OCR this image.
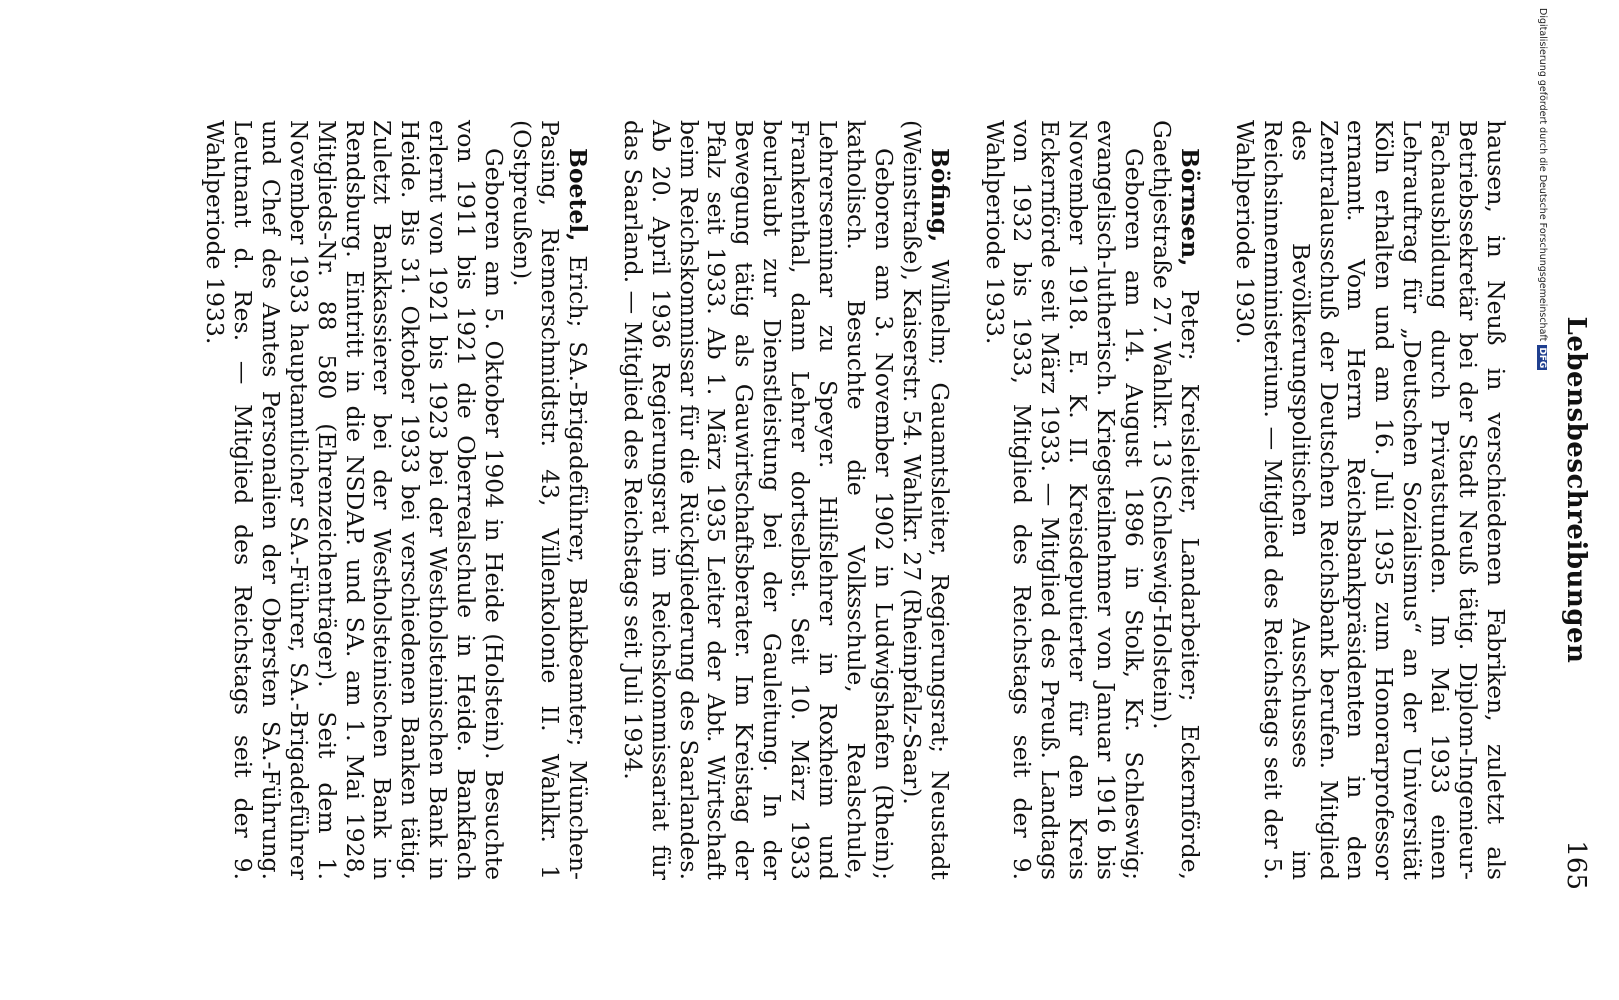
Lebensbeschreibungen
165

hausen, in Neuß in verschiedenen Fabriken, zuletzt als Betriebssekretär bei der Stadt Neuß tätig. Diplom-Ingenieur-Fachausbildung durch Privatstunden. Im Mai 1933 einen Lehrauftrag für „Deutschen Sozialismus“ an der Universität Köln erhalten und am 16. Juli 1935 zum Honorarprofessor ernannt. Vom Herrn Reichsbankpräsidenten in den Zentralausschuß der Deutschen Reichsbank berufen. Mitglied des Bevölkerungspolitischen Ausschusses im Reichsinnenministerium. — Mitglied des Reichstags seit der 5. Wahlperiode 1930.

Börnsen, Peter; Kreisleiter, Landarbeiter; Eckernförde, Gaethjestraße 27. Wahlkr. 13 (Schleswig-Holstein).

Geboren am 14. August 1896 in Stolk, Kr. Schleswig; evangelisch-lutherisch. Kriegsteilnehmer von Januar 1916 bis November 1918. E. K. II. Kreisdeputierter für den Kreis Eckernförde seit März 1933. — Mitglied des Preuß. Landtags von 1932 bis 1933, Mitglied des Reichstags seit der 9. Wahlperiode 1933.

Böfing, Wilhelm; Gauamtsleiter, Regierungsrat; Neustadt (Weinstraße), Kaiserstr. 54. Wahlkr. 27 (Rheinpfalz-Saar).

Geboren am 3. November 1902 in Ludwigshafen (Rhein); katholisch. Besuchte die Volksschule, Realschule, Lehrerseminar zu Speyer. Hilfslehrer in Roxheim und Frankenthal, dann Lehrer dortselbst. Seit 10. März 1933 beurlaubt zur Dienstleistung bei der Gauleitung. In der Bewegung tätig als Gauwirtschaftsberater. Im Kreistag der Pfalz seit 1933. Ab 1. März 1935 Leiter der Abt. Wirtschaft beim Reichskommissar für die Rückgliederung des Saarlandes. Ab 20. April 1936 Regierungsrat im Reichskommissariat für das Saarland. — Mitglied des Reichstags seit Juli 1934.

Boetel, Erich; SA.-Brigadeführer, Bankbeamter; München-Pasing, Riemerschmidtstr. 43, Villenkolonie II. Wahlkr. 1 (Ostpreußen).

Geboren am 5. Oktober 1904 in Heide (Holstein). Besuchte von 1911 bis 1921 die Oberrealschule in Heide. Bankfach erlernt von 1921 bis 1923 bei der Westholsteinischen Bank in Heide. Bis 31. Oktober 1933 bei verschiedenen Banken tätig. Zuletzt Bankkassierer bei der Westholsteinischen Bank in Rendsburg. Eintritt in die NSDAP. und SA. am 1. Mai 1928, Mitglieds-Nr. 88 580 (Ehrenzeichenträger). Seit dem 1. November 1933 hauptamtlicher SA.-Führer, SA.-Brigadeführer und Chef des Amtes Personalien der Obersten SA.-Führung. Leutnant d. Res. — Mitglied des Reichstags seit der 9. Wahlperiode 1933.	Digitalisierung gefördert durch die Deutsche ForschungsgemeinschaftDFG
